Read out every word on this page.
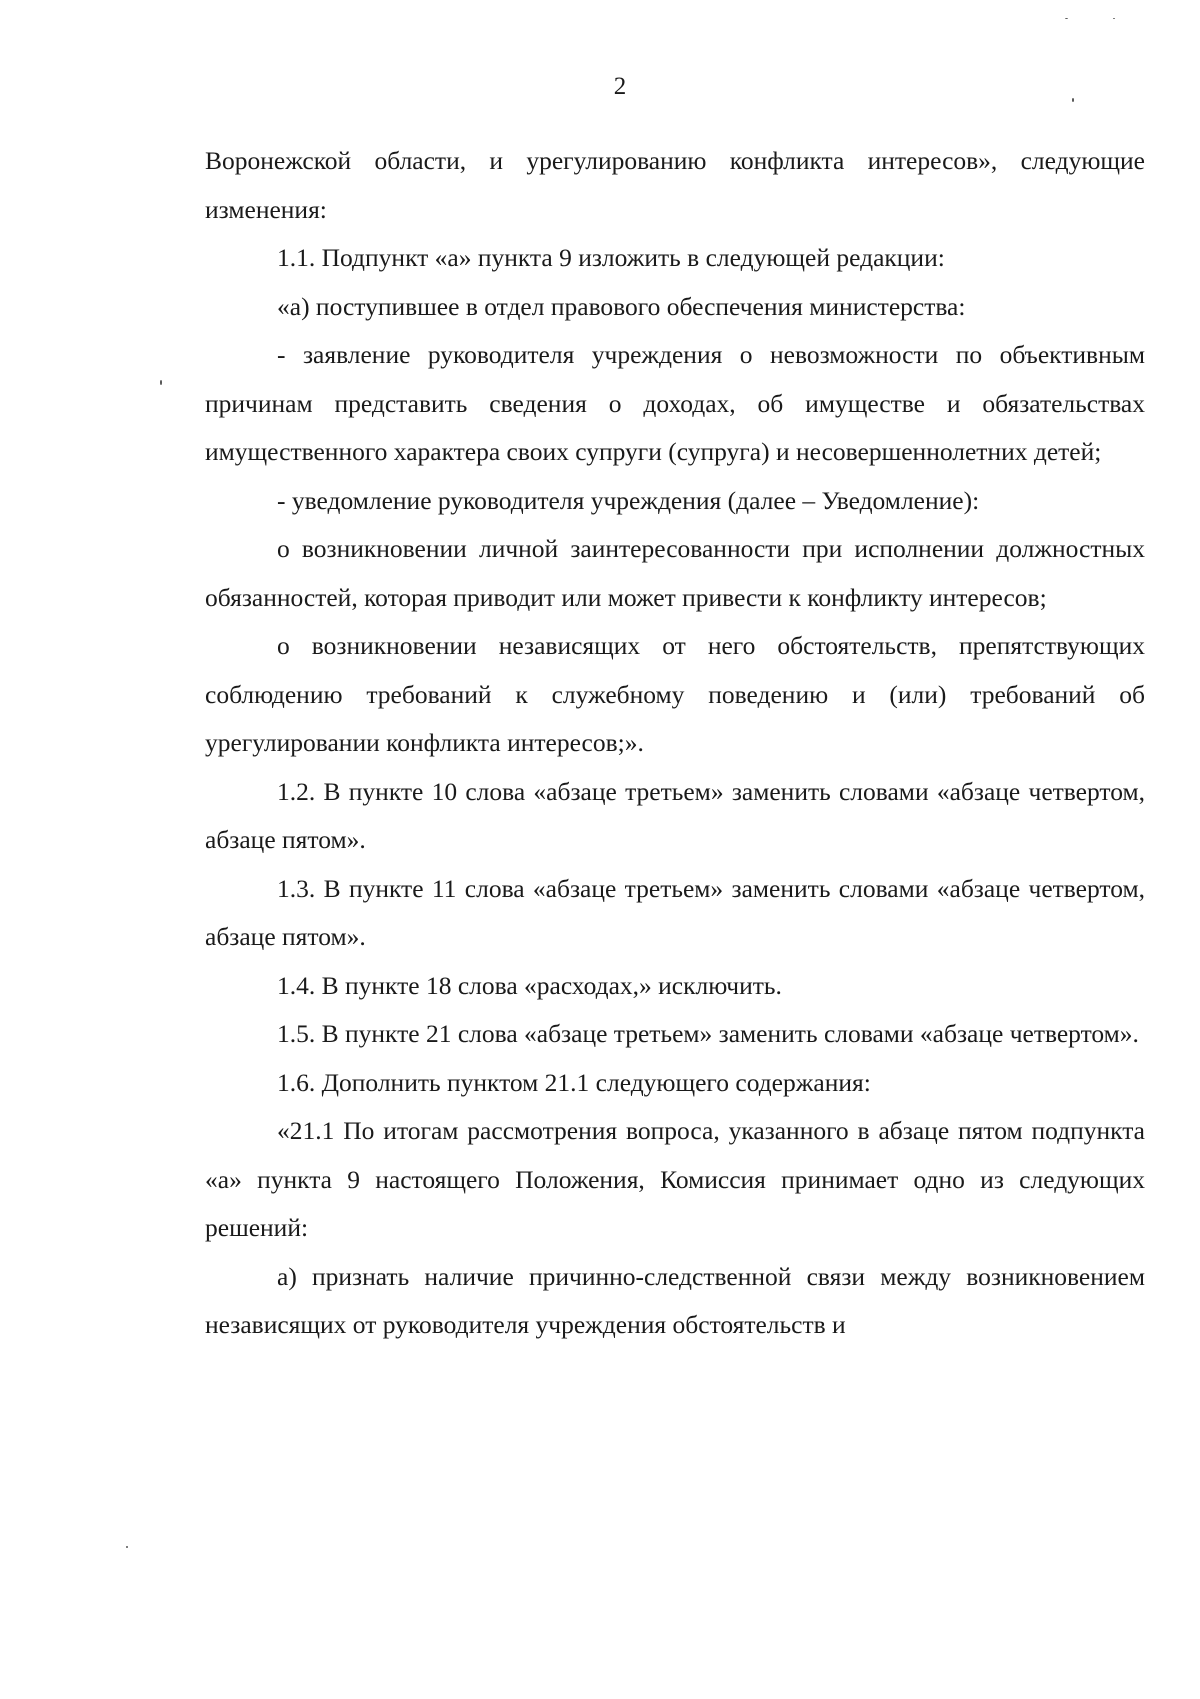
2

Воронежской области, и урегулированию конфликта интересов», следующие изменения:

1.1. Подпункт «а» пункта 9 изложить в следующей редакции:

«а) поступившее в отдел правового обеспечения министерства:

- заявление руководителя учреждения о невозможности по объективным причинам представить сведения о доходах, об имуществе и обязательствах имущественного характера своих супруги (супруга) и несовершеннолетних детей;

- уведомление руководителя учреждения (далее – Уведомление):

о возникновении личной заинтересованности при исполнении должностных обязанностей, которая приводит или может привести к конфликту интересов;

о возникновении независящих от него обстоятельств, препятствующих соблюдению требований к служебному поведению и (или) требований об урегулировании конфликта интересов;».

1.2. В пункте 10 слова «абзаце третьем» заменить словами «абзаце четвертом, абзаце пятом».

1.3. В пункте 11 слова «абзаце третьем» заменить словами «абзаце четвертом, абзаце пятом».

1.4. В пункте 18 слова «расходах,» исключить.

1.5. В пункте 21 слова «абзаце третьем» заменить словами «абзаце четвертом».

1.6. Дополнить пунктом 21.1 следующего содержания:

«21.1 По итогам рассмотрения вопроса, указанного в абзаце пятом подпункта «а» пункта 9 настоящего Положения, Комиссия принимает одно из следующих решений:

а) признать наличие причинно-следственной связи между возникновением независящих от руководителя учреждения обстоятельств и
